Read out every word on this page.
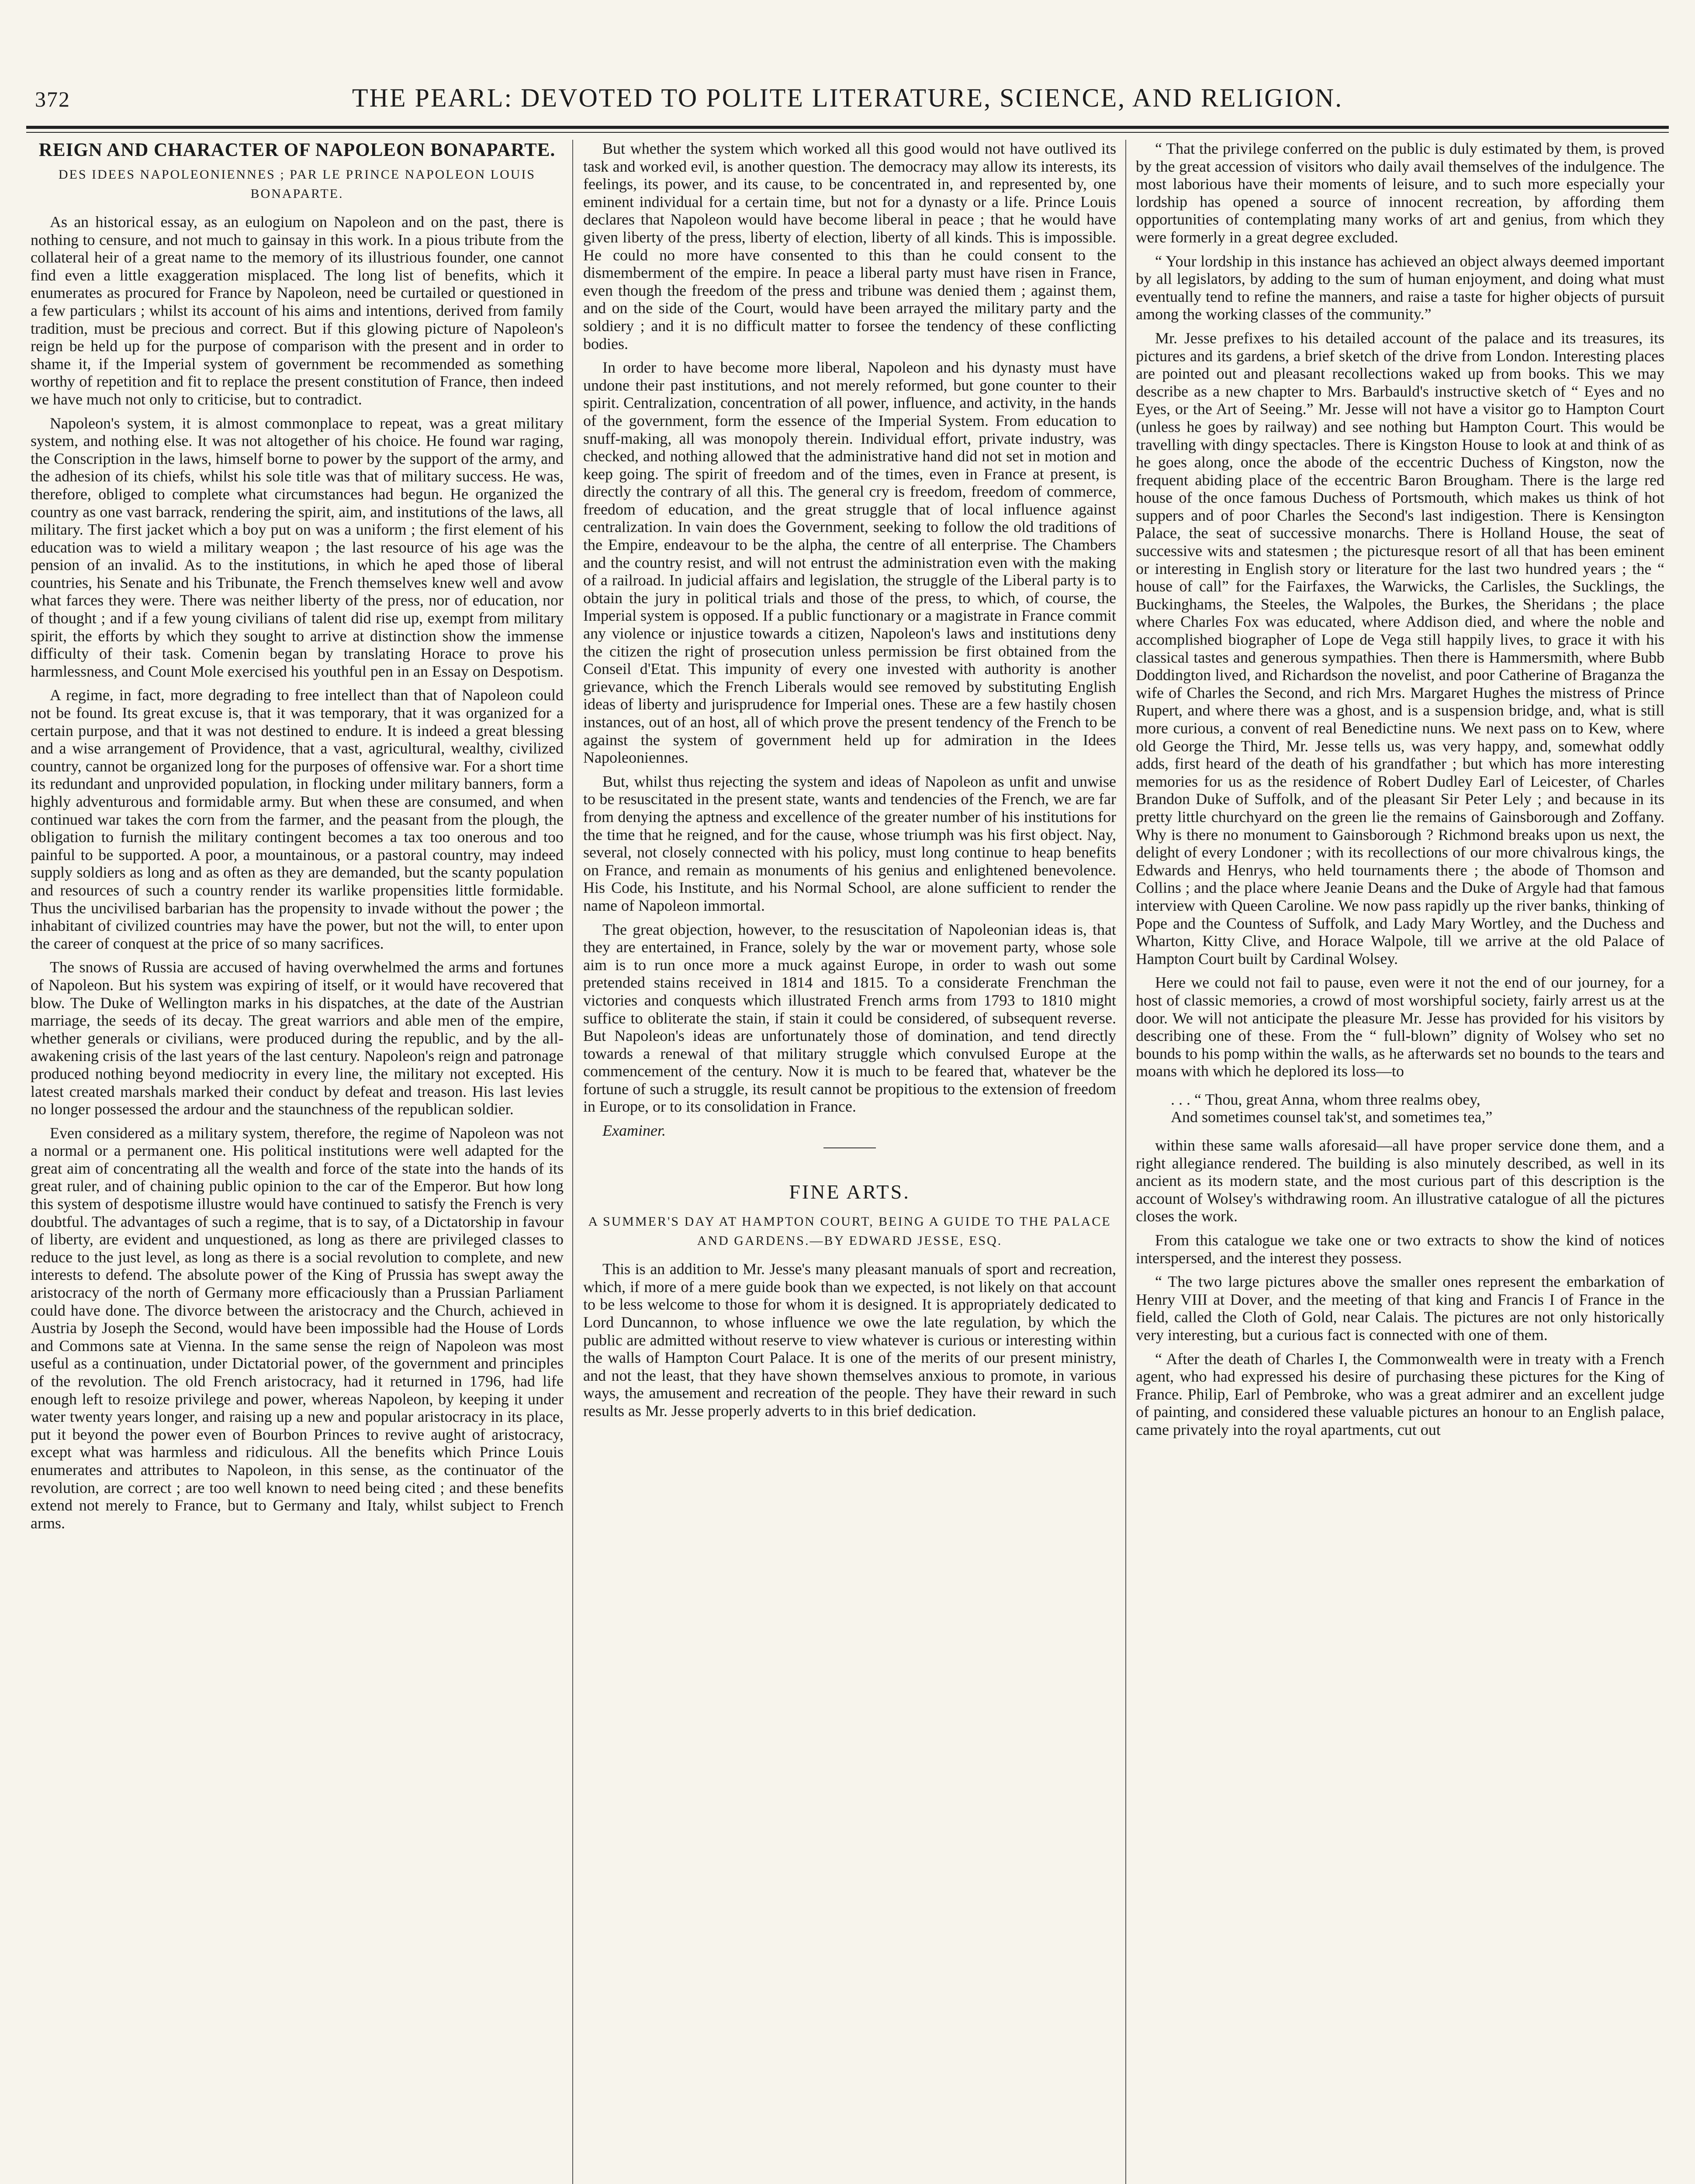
372	THE PEARL: DEVOTED TO POLITE LITERATURE, SCIENCE, AND RELIGION.
REIGN AND CHARACTER OF NAPOLEON BONAPARTE.
DES IDEES NAPOLEONIENNES ; PAR LE PRINCE NAPOLEON LOUIS BONAPARTE.

As an historical essay, as an eulogium on Napoleon and on the past, there is nothing to censure, and not much to gainsay in this work. In a pious tribute from the collateral heir of a great name to the memory of its illustrious founder, one cannot find even a little exaggeration misplaced. The long list of benefits, which it enumerates as procured for France by Napoleon, need be curtailed or questioned in a few particulars ; whilst its account of his aims and intentions, derived from family tradition, must be precious and correct. But if this glowing picture of Napoleon's reign be held up for the purpose of comparison with the present and in order to shame it, if the Imperial system of government be recommended as something worthy of repetition and fit to replace the present constitution of France, then indeed we have much not only to criticise, but to contradict.

Napoleon's system, it is almost commonplace to repeat, was a great military system, and nothing else. It was not altogether of his choice. He found war raging, the Conscription in the laws, himself borne to power by the support of the army, and the adhesion of its chiefs, whilst his sole title was that of military success. He was, therefore, obliged to complete what circumstances had begun. He organized the country as one vast barrack, rendering the spirit, aim, and institutions of the laws, all military. The first jacket which a boy put on was a uniform ; the first element of his education was to wield a military weapon ; the last resource of his age was the pension of an invalid. As to the institutions, in which he aped those of liberal countries, his Senate and his Tribunate, the French themselves knew well and avow what farces they were. There was neither liberty of the press, nor of education, nor of thought ; and if a few young civilians of talent did rise up, exempt from military spirit, the efforts by which they sought to arrive at distinction show the immense difficulty of their task. Comenin began by translating Horace to prove his harmlessness, and Count Mole exercised his youthful pen in an Essay on Despotism.

A regime, in fact, more degrading to free intellect than that of Napoleon could not be found. Its great excuse is, that it was temporary, that it was organized for a certain purpose, and that it was not destined to endure. It is indeed a great blessing and a wise arrangement of Providence, that a vast, agricultural, wealthy, civilized country, cannot be organized long for the purposes of offensive war. For a short time its redundant and unprovided population, in flocking under military banners, form a highly adventurous and formidable army. But when these are consumed, and when continued war takes the corn from the farmer, and the peasant from the plough, the obligation to furnish the military contingent becomes a tax too onerous and too painful to be supported. A poor, a mountainous, or a pastoral country, may indeed supply soldiers as long and as often as they are demanded, but the scanty population and resources of such a country render its warlike propensities little formidable. Thus the uncivilised barbarian has the propensity to invade without the power ; the inhabitant of civilized countries may have the power, but not the will, to enter upon the career of conquest at the price of so many sacrifices.

The snows of Russia are accused of having overwhelmed the arms and fortunes of Napoleon. But his system was expiring of itself, or it would have recovered that blow. The Duke of Wellington marks in his dispatches, at the date of the Austrian marriage, the seeds of its decay. The great warriors and able men of the empire, whether generals or civilians, were produced during the republic, and by the all-awakening crisis of the last years of the last century. Napoleon's reign and patronage produced nothing beyond mediocrity in every line, the military not excepted. His latest created marshals marked their conduct by defeat and treason. His last levies no longer possessed the ardour and the staunchness of the republican soldier.

Even considered as a military system, therefore, the regime of Napoleon was not a normal or a permanent one. His political institutions were well adapted for the great aim of concentrating all the wealth and force of the state into the hands of its great ruler, and of chaining public opinion to the car of the Emperor. But how long this system of despotisme illustre would have continued to satisfy the French is very doubtful. The advantages of such a regime, that is to say, of a Dictatorship in favour of liberty, are evident and unquestioned, as long as there are privileged classes to reduce to the just level, as long as there is a social revolution to complete, and new interests to defend. The absolute power of the King of Prussia has swept away the aristocracy of the north of Germany more efficaciously than a Prussian Parliament could have done. The divorce between the aristocracy and the Church, achieved in Austria by Joseph the Second, would have been impossible had the House of Lords and Commons sate at Vienna. In the same sense the reign of Napoleon was most useful as a continuation, under Dictatorial power, of the government and principles of the revolution. The old French aristocracy, had it returned in 1796, had life enough left to resoize privilege and power, whereas Napoleon, by keeping it under water twenty years longer, and raising up a new and popular aristocracy in its place, put it beyond the power even of Bourbon Princes to revive aught of aristocracy, except what was harmless and ridiculous. All the benefits which Prince Louis enumerates and attributes to Napoleon, in this sense, as the continuator of the revolution, are correct ; are too well known to need being cited ; and these benefits extend not merely to France, but to Germany and Italy, whilst subject to French arms.

But whether the system which worked all this good would not have outlived its task and worked evil, is another question. The democracy may allow its interests, its feelings, its power, and its cause, to be concentrated in, and represented by, one eminent individual for a certain time, but not for a dynasty or a life. Prince Louis declares that Napoleon would have become liberal in peace ; that he would have given liberty of the press, liberty of election, liberty of all kinds. This is impossible. He could no more have consented to this than he could consent to the dismemberment of the empire. In peace a liberal party must have risen in France, even though the freedom of the press and tribune was denied them ; against them, and on the side of the Court, would have been arrayed the military party and the soldiery ; and it is no difficult matter to forsee the tendency of these conflicting bodies.

In order to have become more liberal, Napoleon and his dynasty must have undone their past institutions, and not merely reformed, but gone counter to their spirit. Centralization, concentration of all power, influence, and activity, in the hands of the government, form the essence of the Imperial System. From education to snuff-making, all was monopoly therein. Individual effort, private industry, was checked, and nothing allowed that the administrative hand did not set in motion and keep going. The spirit of freedom and of the times, even in France at present, is directly the contrary of all this. The general cry is freedom, freedom of commerce, freedom of education, and the great struggle that of local influence against centralization. In vain does the Government, seeking to follow the old traditions of the Empire, endeavour to be the alpha, the centre of all enterprise. The Chambers and the country resist, and will not entrust the administration even with the making of a railroad. In judicial affairs and legislation, the struggle of the Liberal party is to obtain the jury in political trials and those of the press, to which, of course, the Imperial system is opposed. If a public functionary or a magistrate in France commit any violence or injustice towards a citizen, Napoleon's laws and institutions deny the citizen the right of prosecution unless permission be first obtained from the Conseil d'Etat. This impunity of every one invested with authority is another grievance, which the French Liberals would see removed by substituting English ideas of liberty and jurisprudence for Imperial ones. These are a few hastily chosen instances, out of an host, all of which prove the present tendency of the French to be against the system of government held up for admiration in the Idees Napoleoniennes.

But, whilst thus rejecting the system and ideas of Napoleon as unfit and unwise to be resuscitated in the present state, wants and tendencies of the French, we are far from denying the aptness and excellence of the greater number of his institutions for the time that he reigned, and for the cause, whose triumph was his first object. Nay, several, not closely connected with his policy, must long continue to heap benefits on France, and remain as monuments of his genius and enlightened benevolence. His Code, his Institute, and his Normal School, are alone sufficient to render the name of Napoleon immortal.

The great objection, however, to the resuscitation of Napoleonian ideas is, that they are entertained, in France, solely by the war or movement party, whose sole aim is to run once more a muck against Europe, in order to wash out some pretended stains received in 1814 and 1815. To a considerate Frenchman the victories and conquests which illustrated French arms from 1793 to 1810 might suffice to obliterate the stain, if stain it could be considered, of subsequent reverse. But Napoleon's ideas are unfortunately those of domination, and tend directly towards a renewal of that military struggle which convulsed Europe at the commencement of the century. Now it is much to be feared that, whatever be the fortune of such a struggle, its result cannot be propitious to the extension of freedom in Europe, or to its consolidation in France.

Examiner.

FINE ARTS.
A SUMMER'S DAY AT HAMPTON COURT, BEING A GUIDE TO THE PALACE AND GARDENS.—BY EDWARD JESSE, ESQ.

This is an addition to Mr. Jesse's many pleasant manuals of sport and recreation, which, if more of a mere guide book than we expected, is not likely on that account to be less welcome to those for whom it is designed. It is appropriately dedicated to Lord Duncannon, to whose influence we owe the late regulation, by which the public are admitted without reserve to view whatever is curious or interesting within the walls of Hampton Court Palace. It is one of the merits of our present ministry, and not the least, that they have shown themselves anxious to promote, in various ways, the amusement and recreation of the people. They have their reward in such results as Mr. Jesse properly adverts to in this brief dedication.

“ That the privilege conferred on the public is duly estimated by them, is proved by the great accession of visitors who daily avail themselves of the indulgence. The most laborious have their moments of leisure, and to such more especially your lordship has opened a source of innocent recreation, by affording them opportunities of contemplating many works of art and genius, from which they were formerly in a great degree excluded.

“ Your lordship in this instance has achieved an object always deemed important by all legislators, by adding to the sum of human enjoyment, and doing what must eventually tend to refine the manners, and raise a taste for higher objects of pursuit among the working classes of the community.”

Mr. Jesse prefixes to his detailed account of the palace and its treasures, its pictures and its gardens, a brief sketch of the drive from London. Interesting places are pointed out and pleasant recollections waked up from books. This we may describe as a new chapter to Mrs. Barbauld's instructive sketch of “ Eyes and no Eyes, or the Art of Seeing.” Mr. Jesse will not have a visitor go to Hampton Court (unless he goes by railway) and see nothing but Hampton Court. This would be travelling with dingy spectacles. There is Kingston House to look at and think of as he goes along, once the abode of the eccentric Duchess of Kingston, now the frequent abiding place of the eccentric Baron Brougham. There is the large red house of the once famous Duchess of Portsmouth, which makes us think of hot suppers and of poor Charles the Second's last indigestion. There is Kensington Palace, the seat of successive monarchs. There is Holland House, the seat of successive wits and statesmen ; the picturesque resort of all that has been eminent or interesting in English story or literature for the last two hundred years ; the “ house of call” for the Fairfaxes, the Warwicks, the Carlisles, the Sucklings, the Buckinghams, the Steeles, the Walpoles, the Burkes, the Sheridans ; the place where Charles Fox was educated, where Addison died, and where the noble and accomplished biographer of Lope de Vega still happily lives, to grace it with his classical tastes and generous sympathies. Then there is Hammersmith, where Bubb Doddington lived, and Richardson the novelist, and poor Catherine of Braganza the wife of Charles the Second, and rich Mrs. Margaret Hughes the mistress of Prince Rupert, and where there was a ghost, and is a suspension bridge, and, what is still more curious, a convent of real Benedictine nuns. We next pass on to Kew, where old George the Third, Mr. Jesse tells us, was very happy, and, somewhat oddly adds, first heard of the death of his grandfather ; but which has more interesting memories for us as the residence of Robert Dudley Earl of Leicester, of Charles Brandon Duke of Suffolk, and of the pleasant Sir Peter Lely ; and because in its pretty little churchyard on the green lie the remains of Gainsborough and Zoffany. Why is there no monument to Gainsborough ? Richmond breaks upon us next, the delight of every Londoner ; with its recollections of our more chivalrous kings, the Edwards and Henrys, who held tournaments there ; the abode of Thomson and Collins ; and the place where Jeanie Deans and the Duke of Argyle had that famous interview with Queen Caroline. We now pass rapidly up the river banks, thinking of Pope and the Countess of Suffolk, and Lady Mary Wortley, and the Duchess and Wharton, Kitty Clive, and Horace Walpole, till we arrive at the old Palace of Hampton Court built by Cardinal Wolsey.

Here we could not fail to pause, even were it not the end of our journey, for a host of classic memories, a crowd of most worshipful society, fairly arrest us at the door. We will not anticipate the pleasure Mr. Jesse has provided for his visitors by describing one of these. From the “ full-blown” dignity of Wolsey who set no bounds to his pomp within the walls, as he afterwards set no bounds to the tears and moans with which he deplored its loss—to

. . . “ Thou, great Anna, whom three realms obey,
And sometimes counsel tak'st, and sometimes tea,”

within these same walls aforesaid—all have proper service done them, and a right allegiance rendered. The building is also minutely described, as well in its ancient as its modern state, and the most curious part of this description is the account of Wolsey's withdrawing room. An illustrative catalogue of all the pictures closes the work.

From this catalogue we take one or two extracts to show the kind of notices interspersed, and the interest they possess.

“ The two large pictures above the smaller ones represent the embarkation of Henry VIII at Dover, and the meeting of that king and Francis I of France in the field, called the Cloth of Gold, near Calais. The pictures are not only historically very interesting, but a curious fact is connected with one of them.

“ After the death of Charles I, the Commonwealth were in treaty with a French agent, who had expressed his desire of purchasing these pictures for the King of France. Philip, Earl of Pembroke, who was a great admirer and an excellent judge of painting, and considered these valuable pictures an honour to an English palace, came privately into the royal apartments, cut out
